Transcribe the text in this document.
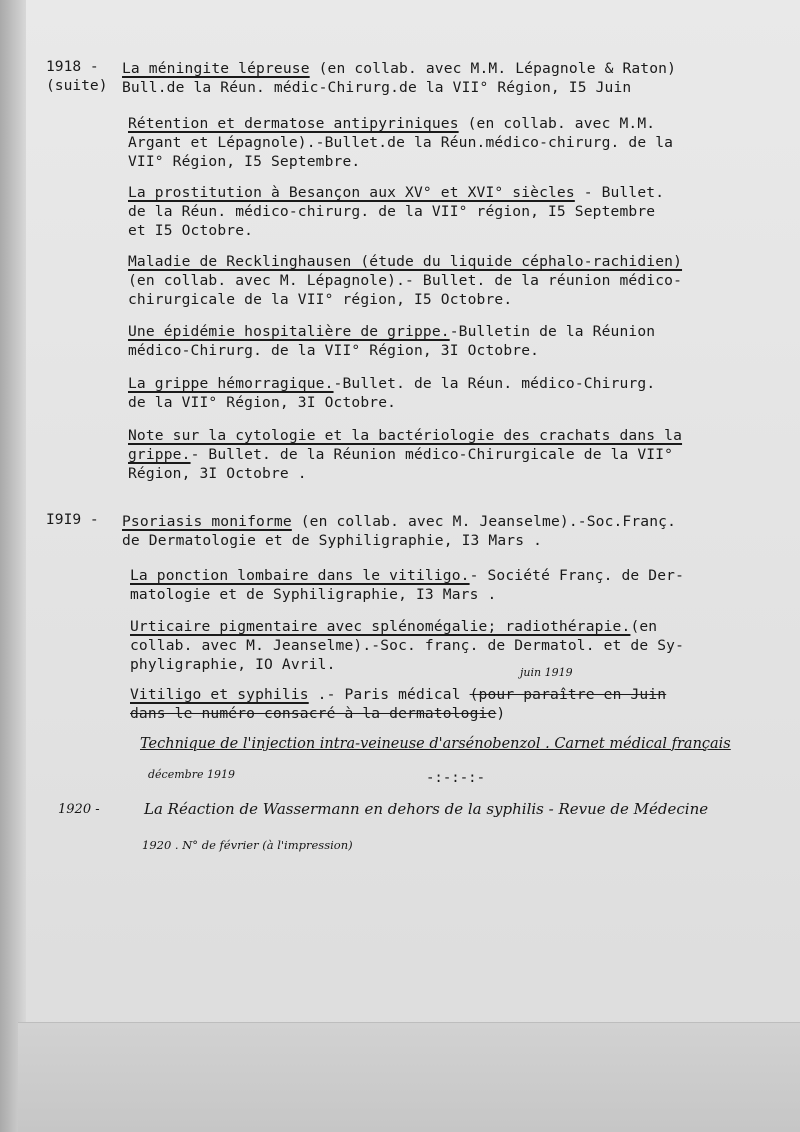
1918 -
(suite)
La méningite lépreuse (en collab. avec M.M. Lépagnole & Raton)
Bull.de la Réun. médic-Chirurg.de la VII° Région, I5 Juin
Rétention et dermatose antipyriniques (en collab. avec M.M.
Argant et Lépagnole).-Bullet.de la Réun.médico-chirurg. de la
VII° Région, I5 Septembre.
La prostitution à Besançon aux XV° et XVI° siècles - Bullet.
de la Réun. médico-chirurg. de la VII° région, I5 Septembre
et I5 Octobre.
Maladie de Recklinghausen (étude du liquide céphalo-rachidien)
(en collab. avec M. Lépagnole).- Bullet. de la réunion médico-
chirurgicale de la VII° région, I5 Octobre.
Une épidémie hospitalière de grippe.-Bulletin de la Réunion
médico-Chirurg. de la VII° Région, 3I Octobre.
La grippe hémorragique.-Bullet. de la Réun. médico-Chirurg.
de la VII° Région, 3I Octobre.
Note sur la cytologie et la bactériologie des crachats dans la
grippe.- Bullet. de la Réunion médico-Chirurgicale de la VII°
Région, 3I Octobre .
I9I9 - Psoriasis moniforme (en collab. avec M. Jeanselme).-Soc.Franç.
de Dermatologie et de Syphiligraphie, I3 Mars .
La ponction lombaire dans le vitiligo.- Société Franç. de Der-
matologie et de Syphiligraphie, I3 Mars .
Urticaire pigmentaire avec splénomégalie; radiothérapie.(en
collab. avec M. Jeanselme).-Soc. franç. de Dermatol. et de Sy-
phyligraphie, IO Avril.
Vitiligo et syphilis .- Paris médical (pour paraître en Juin
dans le numéro consacré à la dermatologie)
juin 1919
Technique de l'injection intra-veineuse d'arsénobenzol . Carnet médical français
décembre 1919	-:-:-:-
1920 -	La Réaction de Wassermann en dehors de la syphilis - Revue de Médecine
1920 . N° de février (à l'impression)
